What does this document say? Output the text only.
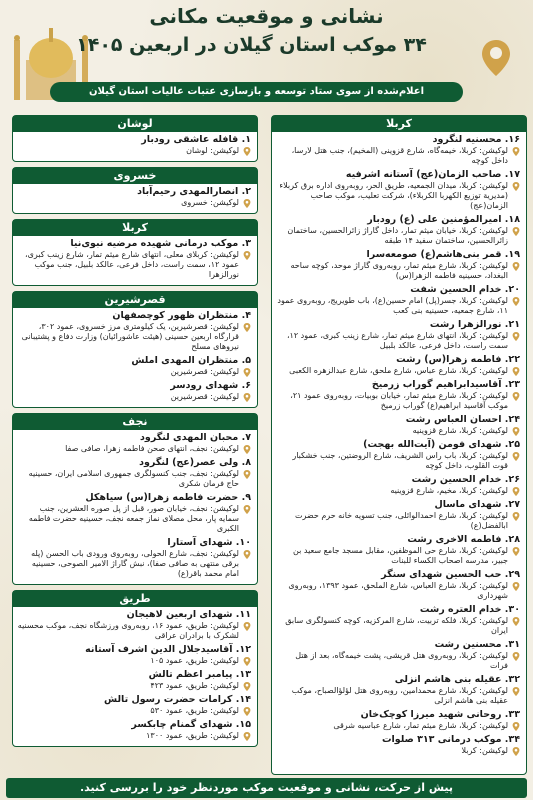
نشانی و موقعیت مکانی
۳۴ موکب استان گیلان در اربعین ۱۴۰۵
اعلام‌شده از سوی ستاد توسعه و بازسازی عتبات عالیات استان گیلان
کربلا
۱۶. محسنیه لنگرود
لوکیشن: کربلا، خیمه‌گاه، شارع قزوینی (المخیم)، جنب هتل لارسا، داخل کوچه
۱۷. صاحب الزمان(عج) آستانه اشرفیه
لوکیشن: کربلا، میدان الجمعیه، طریق الحر، روبه‌روی اداره برق کربلاء (مدیریة توزیع الکهربا الکربلاء)، شرکت تعلیب، موکب صاحب الزمان(عج)
۱۸. امیرالمؤمنین علی (ع) رودبار
لوکیشن: کربلا، خیابان میثم تمار، داخل گاراژ زائرالحسین، ساختمان زائرالحسین، ساختمان سفید ۱۴ طبقه
۱۹. قمر بنی‌هاشم(ع) صومعه‌سرا
لوکیشن: کربلا، شارع میثم تمار، روبه‌روی گاراژ موحد، کوچه ساحه البغداد، حسینیه فاطمه الزهرا(س)
۲۰. خدام الحسین شفت
لوکیشن: کربلا، جسر(پل) امام حسین(ع)، باب طویریج، روبه‌روی عمود ۱۱، شارع جمعیه، حسینیه بنی کعب
۲۱. نورالزهرا رشت
لوکیشن: کربلا، انتهای شارع میثم تمار، شارع زینب کبری، عمود ۱۲، سمت راست، داخل فرعی، عالکد بلبیل
۲۲. فاطمه زهرا(س) رشت
لوکیشن: کربلا، شارع عباس، شارع ملحق، شارع عبدالزهره الکعبی
۲۳. آقاسیدابراهیم گوراب زرمیخ
لوکیشن: کربلا، شارع میثم تمار، خیابان بوبیات، روبه‌روی عمود ۲۱، موکب آقاسید ابراهیم(ع) گوراب زرمیخ
۲۴. احسان العباس رشت
لوکیشن: کربلا، شارع قزوینیه
۲۵. شهدای فومن (آیت‌الله بهجت)
لوکیشن: کربلا، باب راس الشریف، شارع الروضتین، جنب خشکبار قوت القلوب، داخل کوچه
۲۶. خدام الحسین رشت
لوکیشن: کربلا، مخیم، شارع قزوینیه
۲۷. شهدای ماسال
لوکیشن: کربلا، شارع احمدالوائلی، جنب تسویه خانه حرم حضرت ابالفضل(ع)
۲۸. فاطمه الاخری رشت
لوکیشن: کربلا، شارع حی الموظفین، مقابل مسجد جامع سعید بن جبیر، مدرسه اصحاب الکساء للبنات
۲۹. حب الحسین شهدای سنگر
لوکیشن: کربلا، شارع العباس، شارع الملحق، عمود ۱۳۹۳، روبه‌روی شهرداری
۳۰. خدام العتره رشت
لوکیشن: کربلا، فلکه تربیت، شارع المرکزیه، کوچه کنسولگری سابق ایران
۳۱. محسنین رشت
لوکیشن: کربلا، روبه‌روی هتل قریشی، پشت خیمه‌گاه، بعد از هتل فرات
۳۲. عقیله بنی هاشم انزلی
لوکیشن: کربلا، شارع محمدامین، روبه‌روی هتل لؤلؤالصباح، موکب عقیله بنی هاشم انزلی
۳۳. روحانی شهید میرزا کوچک‌خان
لوکیشن: کربلا، شارع میثم تمار، شارع عباسیه شرقی
۳۴. موکب درمانی ۳۱۳ صلوات
لوکیشن: کربلا
لوشان
۱. قافله عاشقی رودبار
لوکیشن: لوشان
خسروی
۲. انصارالمهدی رحیم‌آباد
لوکیشن: خسروی
کربلا
۳. موکب درمانی شهیده مرضیه نبوی‌نیا
لوکیشن: کربلای معلی، انتهای شارع میثم تمار، شارع زینب کبری، عمود ۱۲، سمت راست، داخل فرعی، عالکد بلبیل، جنب موکب نورالزهرا
قصرشیرین
۴. منتظران ظهور کوچصفهان
لوکیشن: قصرشیرین، یک کیلومتری مرز خسروی، عمود ۳۰۲، قرارگاه اربعین حسینی (هیئت عاشورائیان) وزارت دفاع و پشتیبانی نیروهای مسلح
۵. منتظران المهدی املش
لوکیشن: قصرشیرین
۶. شهدای رودسر
لوکیشن: قصرشیرین
نجف
۷. محبان المهدی لنگرود
لوکیشن: نجف، انتهای صحن فاطمه زهرا، صافی صفا
۸. ولی عصر(عج) لنگرود
لوکیشن: نجف، جنب کنسولگری جمهوری اسلامی ایران، حسینیه حاج فرمان شکری
۹. حضرت فاطمه زهرا(س) سیاهکل
لوکیشن: نجف، خیابان صور، قبل از پل صوره العشرین، جنب سمایه پار، محل مصلای نماز جمعه نجف، حسینیه حضرت فاطمه الکبری
۱۰. شهدای آستارا
لوکیشن: نجف، شارع الحولی، روبه‌روی ورودی باب الحسن (پله برقی منتهی به صافی صفا)، نبش گاراژ الامیر الصوحی، حسینیه امام محمد باقر(ع)
طریق
۱۱. شهدای اربعین لاهیجان
لوکیشن: طریق، عمود ۱۶، روبه‌روی ورزشگاه نجف، موکب محسنیه لشکرک با برادران عراقی
۱۲. آقاسیدجلال الدین اشرف آستانه
لوکیشن: طریق، عمود ۱۰۵
۱۳. پیامبر اعظم تالش
لوکیشن: طریق، عمود ۴۲۳
۱۴. کرامات حضرت رسول تالش
لوکیشن: طریق، عمود ۵۳۰
۱۵. شهدای گمنام چابکسر
لوکیشن: طریق، عمود ۱۳۰۰
پیش از حرکت، نشانی و موقعیت موکب موردنظر خود را بررسی کنید.
